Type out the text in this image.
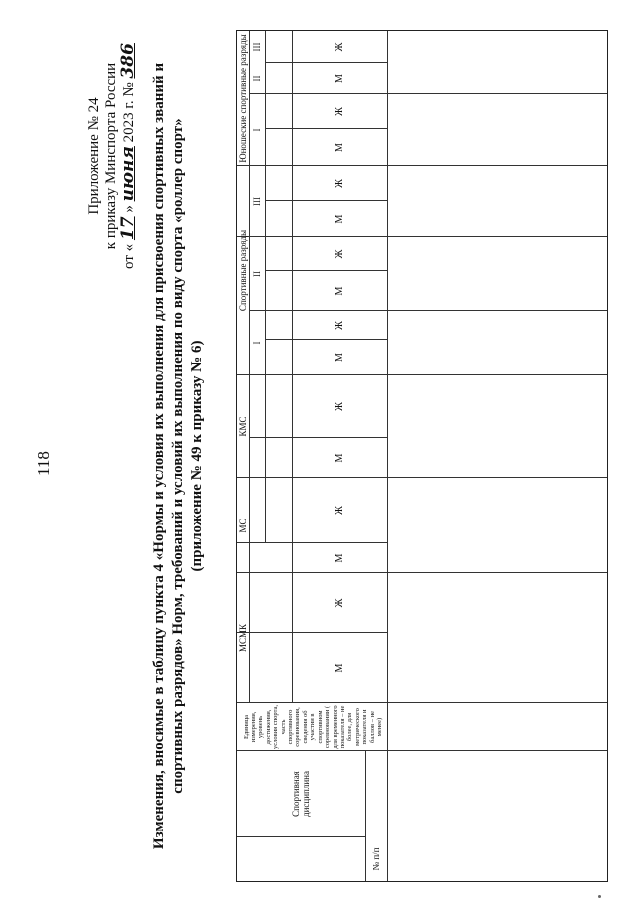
118
Приложение № 24 к приказу Минспорта России
от « 17 » июня 2023 г. № 386
Изменения, вносимые в таблицу пункта 4 «Нормы и условия их выполнения для присвоения спортивных званий и спортивных разрядов» Норм, требований и условий их выполнения по виду спорта «роллер спорт» (приложение № 49 к приказу № 6)
№ п/п
Спортивная дисциплина
Единица измерения, уровень достижения, условия спорта, часть спортивного соревнования, сведения об участии в спортивном соревновании ( для временного показателя – не более, для метрического показателя и баллов – не менее)
МСМК
МС
КМС
Спортивные разряды
Юношеские спортивные разряды
I
II
III
I
II
III
М
Ж
М
Ж
М
Ж
М
Ж
М
Ж
М
Ж
М
Ж
М
Ж
